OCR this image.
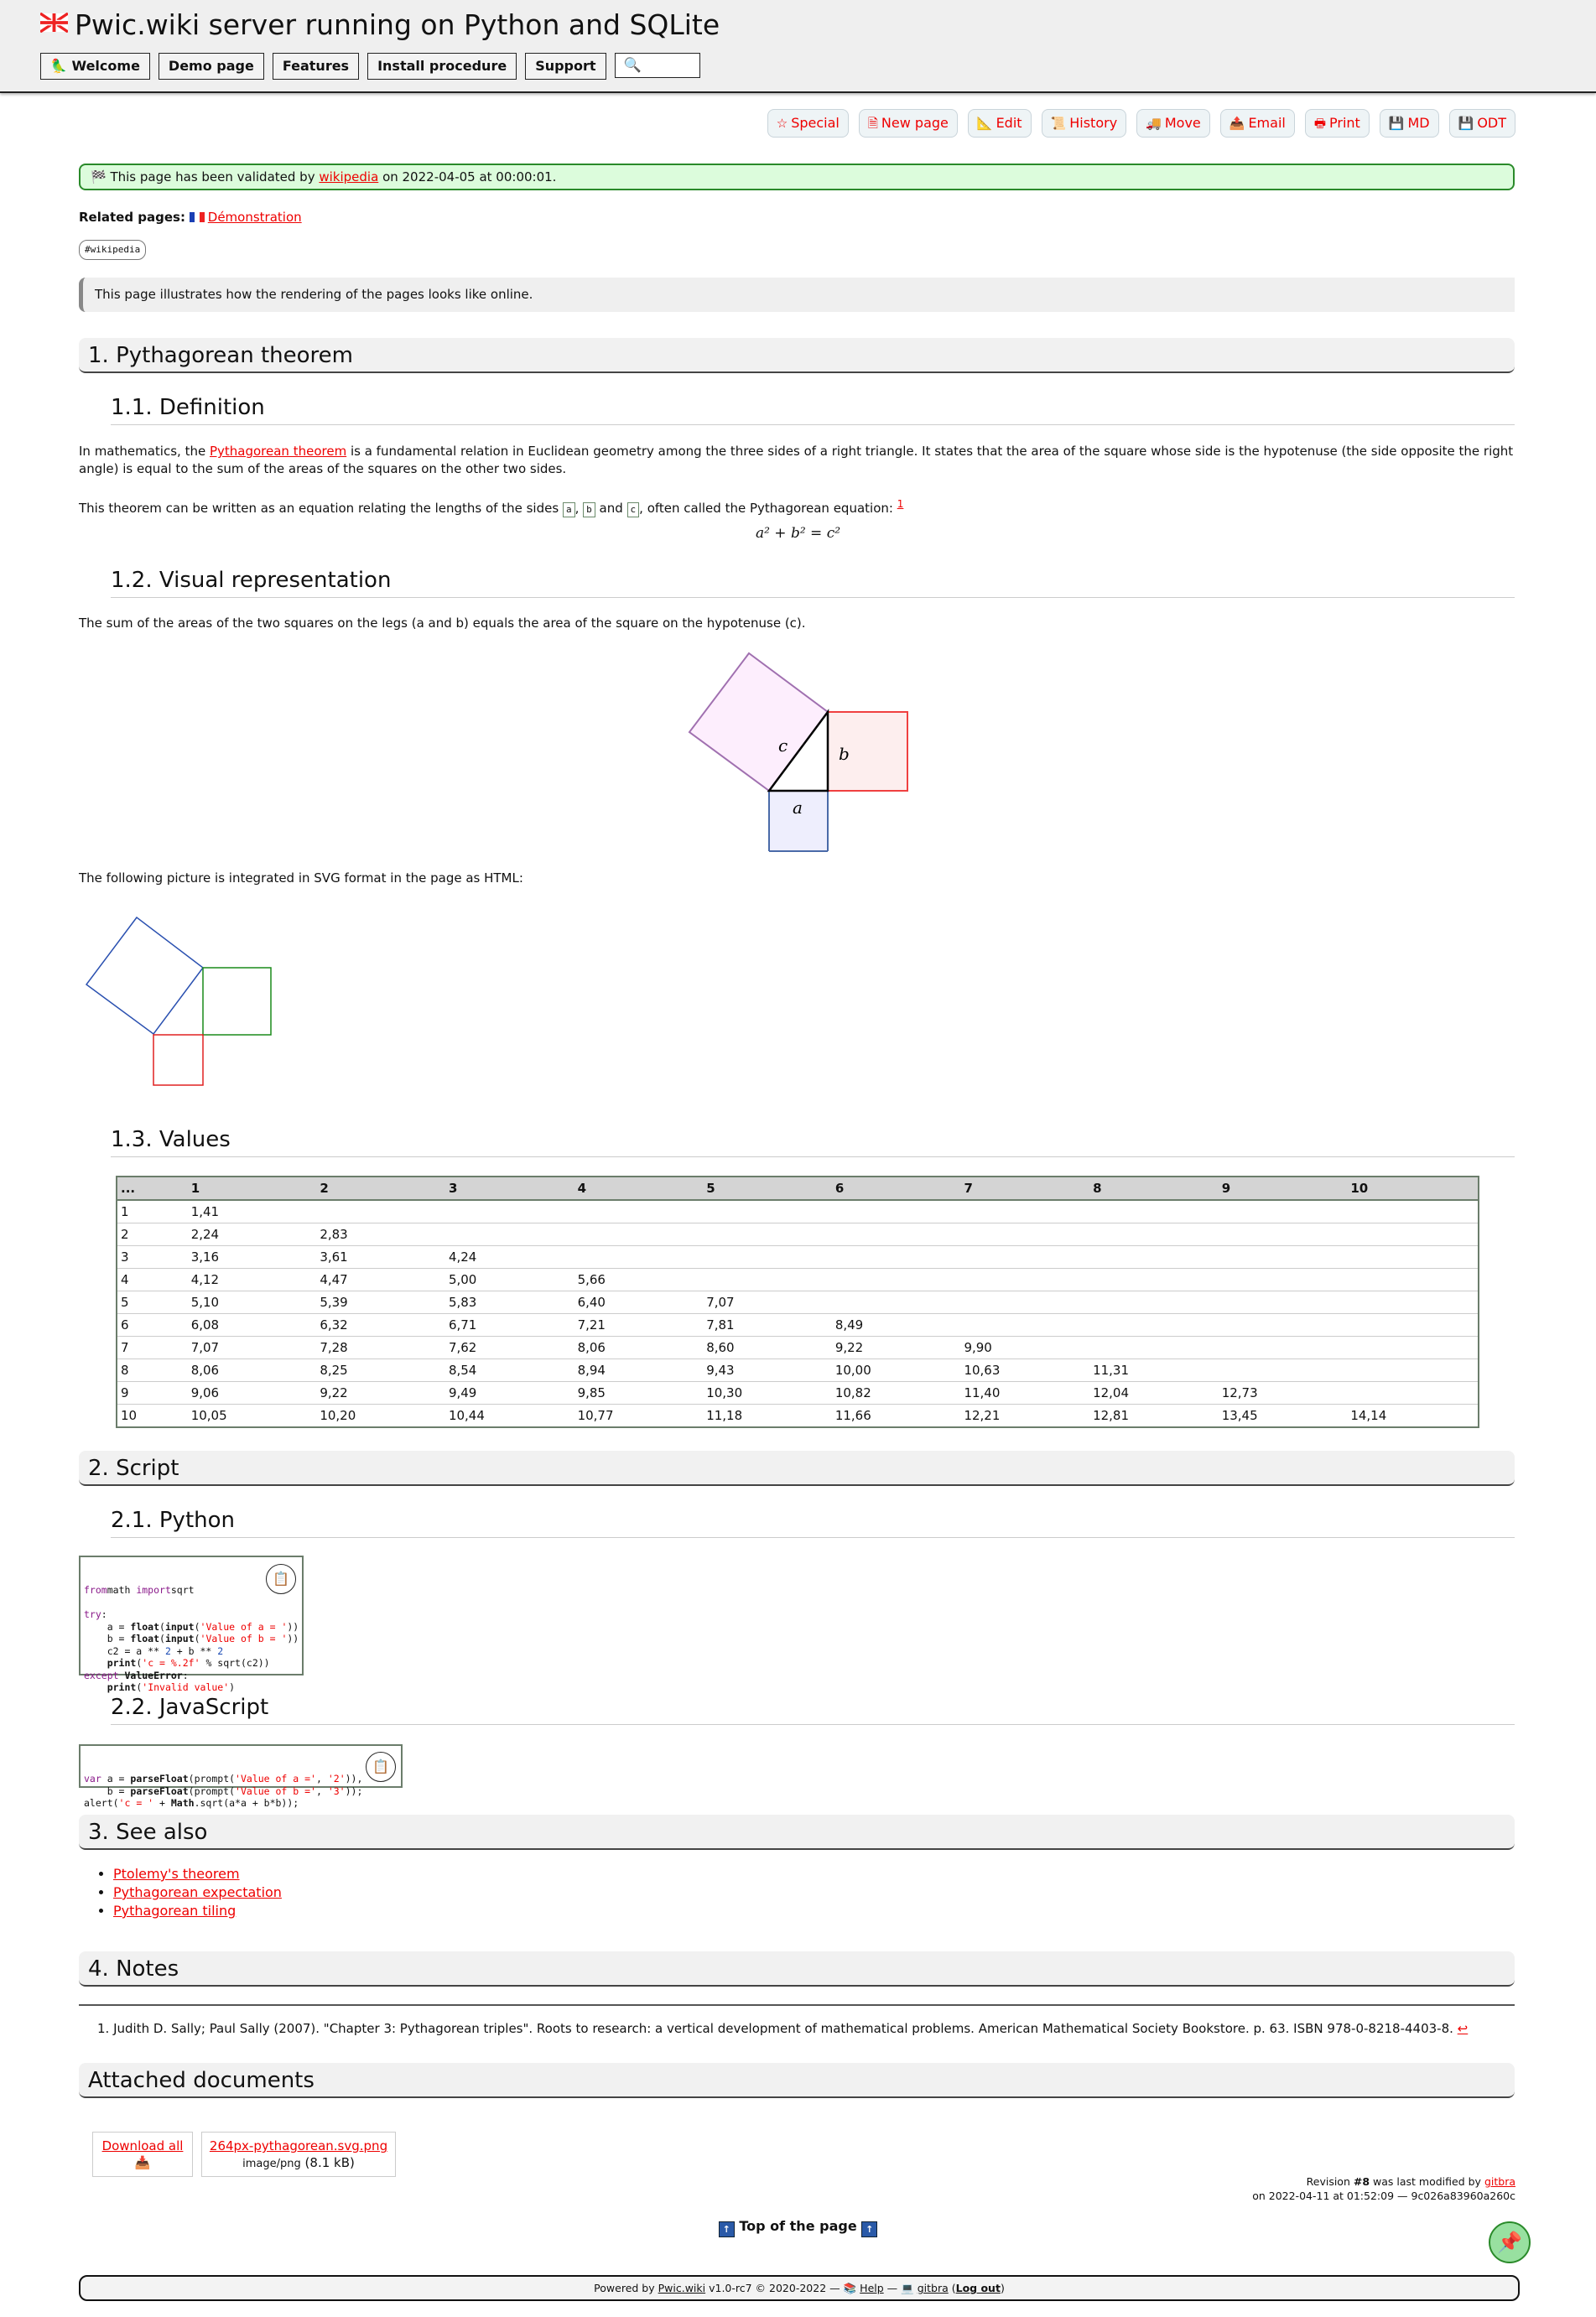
Pwic.wiki server running on Python and SQLite
🦜 Welcome	Demo page	Features	Install procedure	Support	🔍
☆ Special	🗎 New page	📐 Edit	📜 History	🚚 Move	📤 Email	🖶 Print	💾 MD	💾 ODT
🏁 This page has been validated by wikipedia on 2022-04-05 at 00:00:01.
Related pages: Démonstration
#wikipedia
This page illustrates how the rendering of the pages looks like online.
1. Pythagorean theorem
1.1. Definition
In mathematics, the Pythagorean theorem is a fundamental relation in Euclidean geometry among the three sides of a right triangle. It states that the area of the square whose side is the hypotenuse (the side opposite the right angle) is equal to the sum of the areas of the squares on the other two sides.
This theorem can be written as an equation relating the lengths of the sides a , b and c , often called the Pythagorean equation: $^1$
a² + b² = c²
1.2. Visual representation
The sum of the areas of the two squares on the legs (a and b) equals the area of the square on the hypotenuse (c).
c	b
a
The following picture is integrated in SVG format in the page as HTML:
1.3. Values
...	1	2	3	4	5	6	7	8	9	10
1	1,41									
2	2,24	2,83								
3	3,16	3,61	4,24							
4	4,12	4,47	5,00	5,66						
5	5,10	5,39	5,83	6,40	7,07					
6	6,08	6,32	6,71	7,21	7,81	8,49				
7	7,07	7,28	7,62	8,06	8,60	9,22	9,90			
8	8,06	8,25	8,54	8,94	9,43	10,00	10,63	11,31		
9	9,06	9,22	9,49	9,85	10,30	10,82	11,40	12,04	12,73	
10	10,05	10,20	10,44	10,77	11,18	11,66	12,21	12,81	13,45	14,14
2. Script
2.1. Python

frommath importsqrt
try:
a = float(input('Value of a = '))
b = float(input('Value of b = '))
c2 = a ** 2 + b ** 2
print('c = %.2f' % sqrt(c2))
except ValueError:
print('Invalid value')

📋

2.2. JavaScript

var a = parseFloat(prompt('Value of a =', '2')),
b = parseFloat(prompt('Value of b =', '3'));
alert('c = ' + Math.sqrt(a*a + b*b));

📋

3. See also
• Ptolemy's theorem
• Pythagorean expectation
• Pythagorean tiling
4. Notes
1. Judith D. Sally; Paul Sally (2007). "Chapter 3: Pythagorean triples". Roots to research: a vertical development of mathematical problems. American Mathematical Society Bookstore. p. 63. ISBN 978-0-8218-4403-8. ↩
Attached documents
Download all
📥
264px-pythagorean.svg.png
image/png (8.1 kB)
Revision #8 was last modified by gitbra
on 2022-04-11 at 01:52:09 — 9c026a83960a260c
↑ Top of the page ↑
📌
Powered by Pwic.wiki v1.0-rc7 © 2020-2022 — 📚 Help — 💻 gitbra (Log out)
